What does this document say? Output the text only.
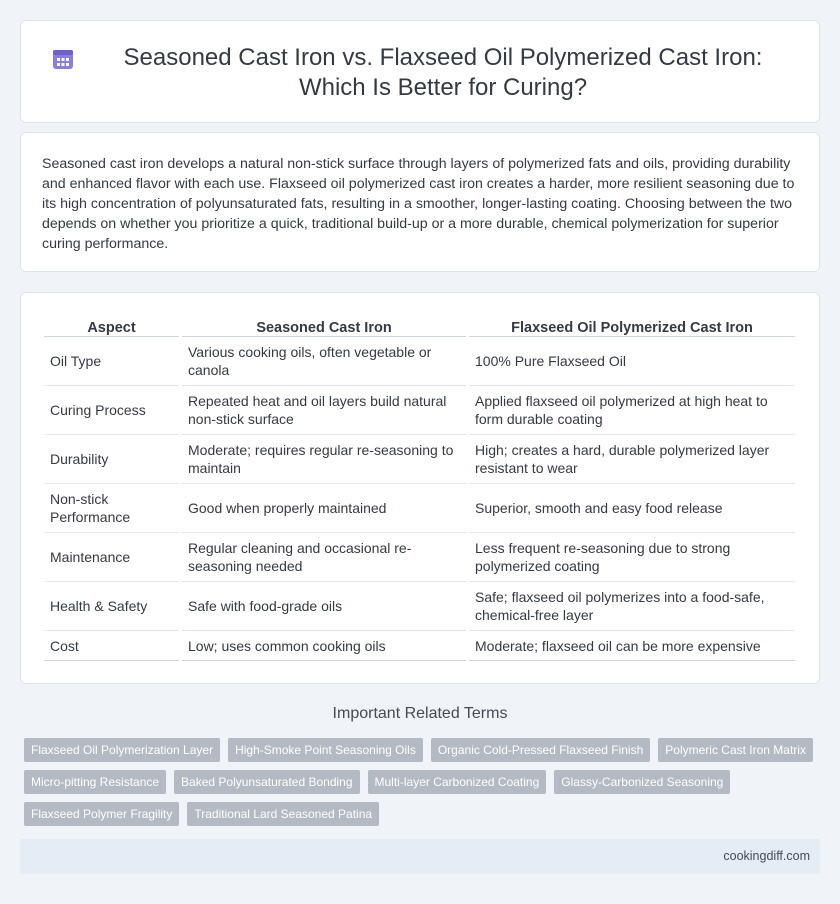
Seasoned Cast Iron vs. Flaxseed Oil Polymerized Cast Iron: Which Is Better for Curing?

Seasoned cast iron develops a natural non-stick surface through layers of polymerized fats and oils, providing durability and enhanced flavor with each use. Flaxseed oil polymerized cast iron creates a harder, more resilient seasoning due to its high concentration of polyunsaturated fats, resulting in a smoother, longer-lasting coating. Choosing between the two depends on whether you prioritize a quick, traditional build-up or a more durable, chemical polymerization for superior curing performance.

Aspect	Seasoned Cast Iron	Flaxseed Oil Polymerized Cast Iron
Oil Type	Various cooking oils, often vegetable or canola	100% Pure Flaxseed Oil
Curing Process	Repeated heat and oil layers build natural non-stick surface	Applied flaxseed oil polymerized at high heat to form durable coating
Durability	Moderate; requires regular re-seasoning to maintain	High; creates a hard, durable polymerized layer resistant to wear
Non-stick Performance	Good when properly maintained	Superior, smooth and easy food release
Maintenance	Regular cleaning and occasional re-seasoning needed	Less frequent re-seasoning due to strong polymerized coating
Health & Safety	Safe with food-grade oils	Safe; flaxseed oil polymerizes into a food-safe, chemical-free layer
Cost	Low; uses common cooking oils	Moderate; flaxseed oil can be more expensive
Important Related Terms
Flaxseed Oil Polymerization Layer	High-Smoke Point Seasoning Oils	Organic Cold-Pressed Flaxseed Finish	Polymeric Cast Iron Matrix
Micro-pitting Resistance	Baked Polyunsaturated Bonding	Multi-layer Carbonized Coating	Glassy-Carbonized Seasoning
Flaxseed Polymer Fragility	Traditional Lard Seasoned Patina
cookingdiff.com
